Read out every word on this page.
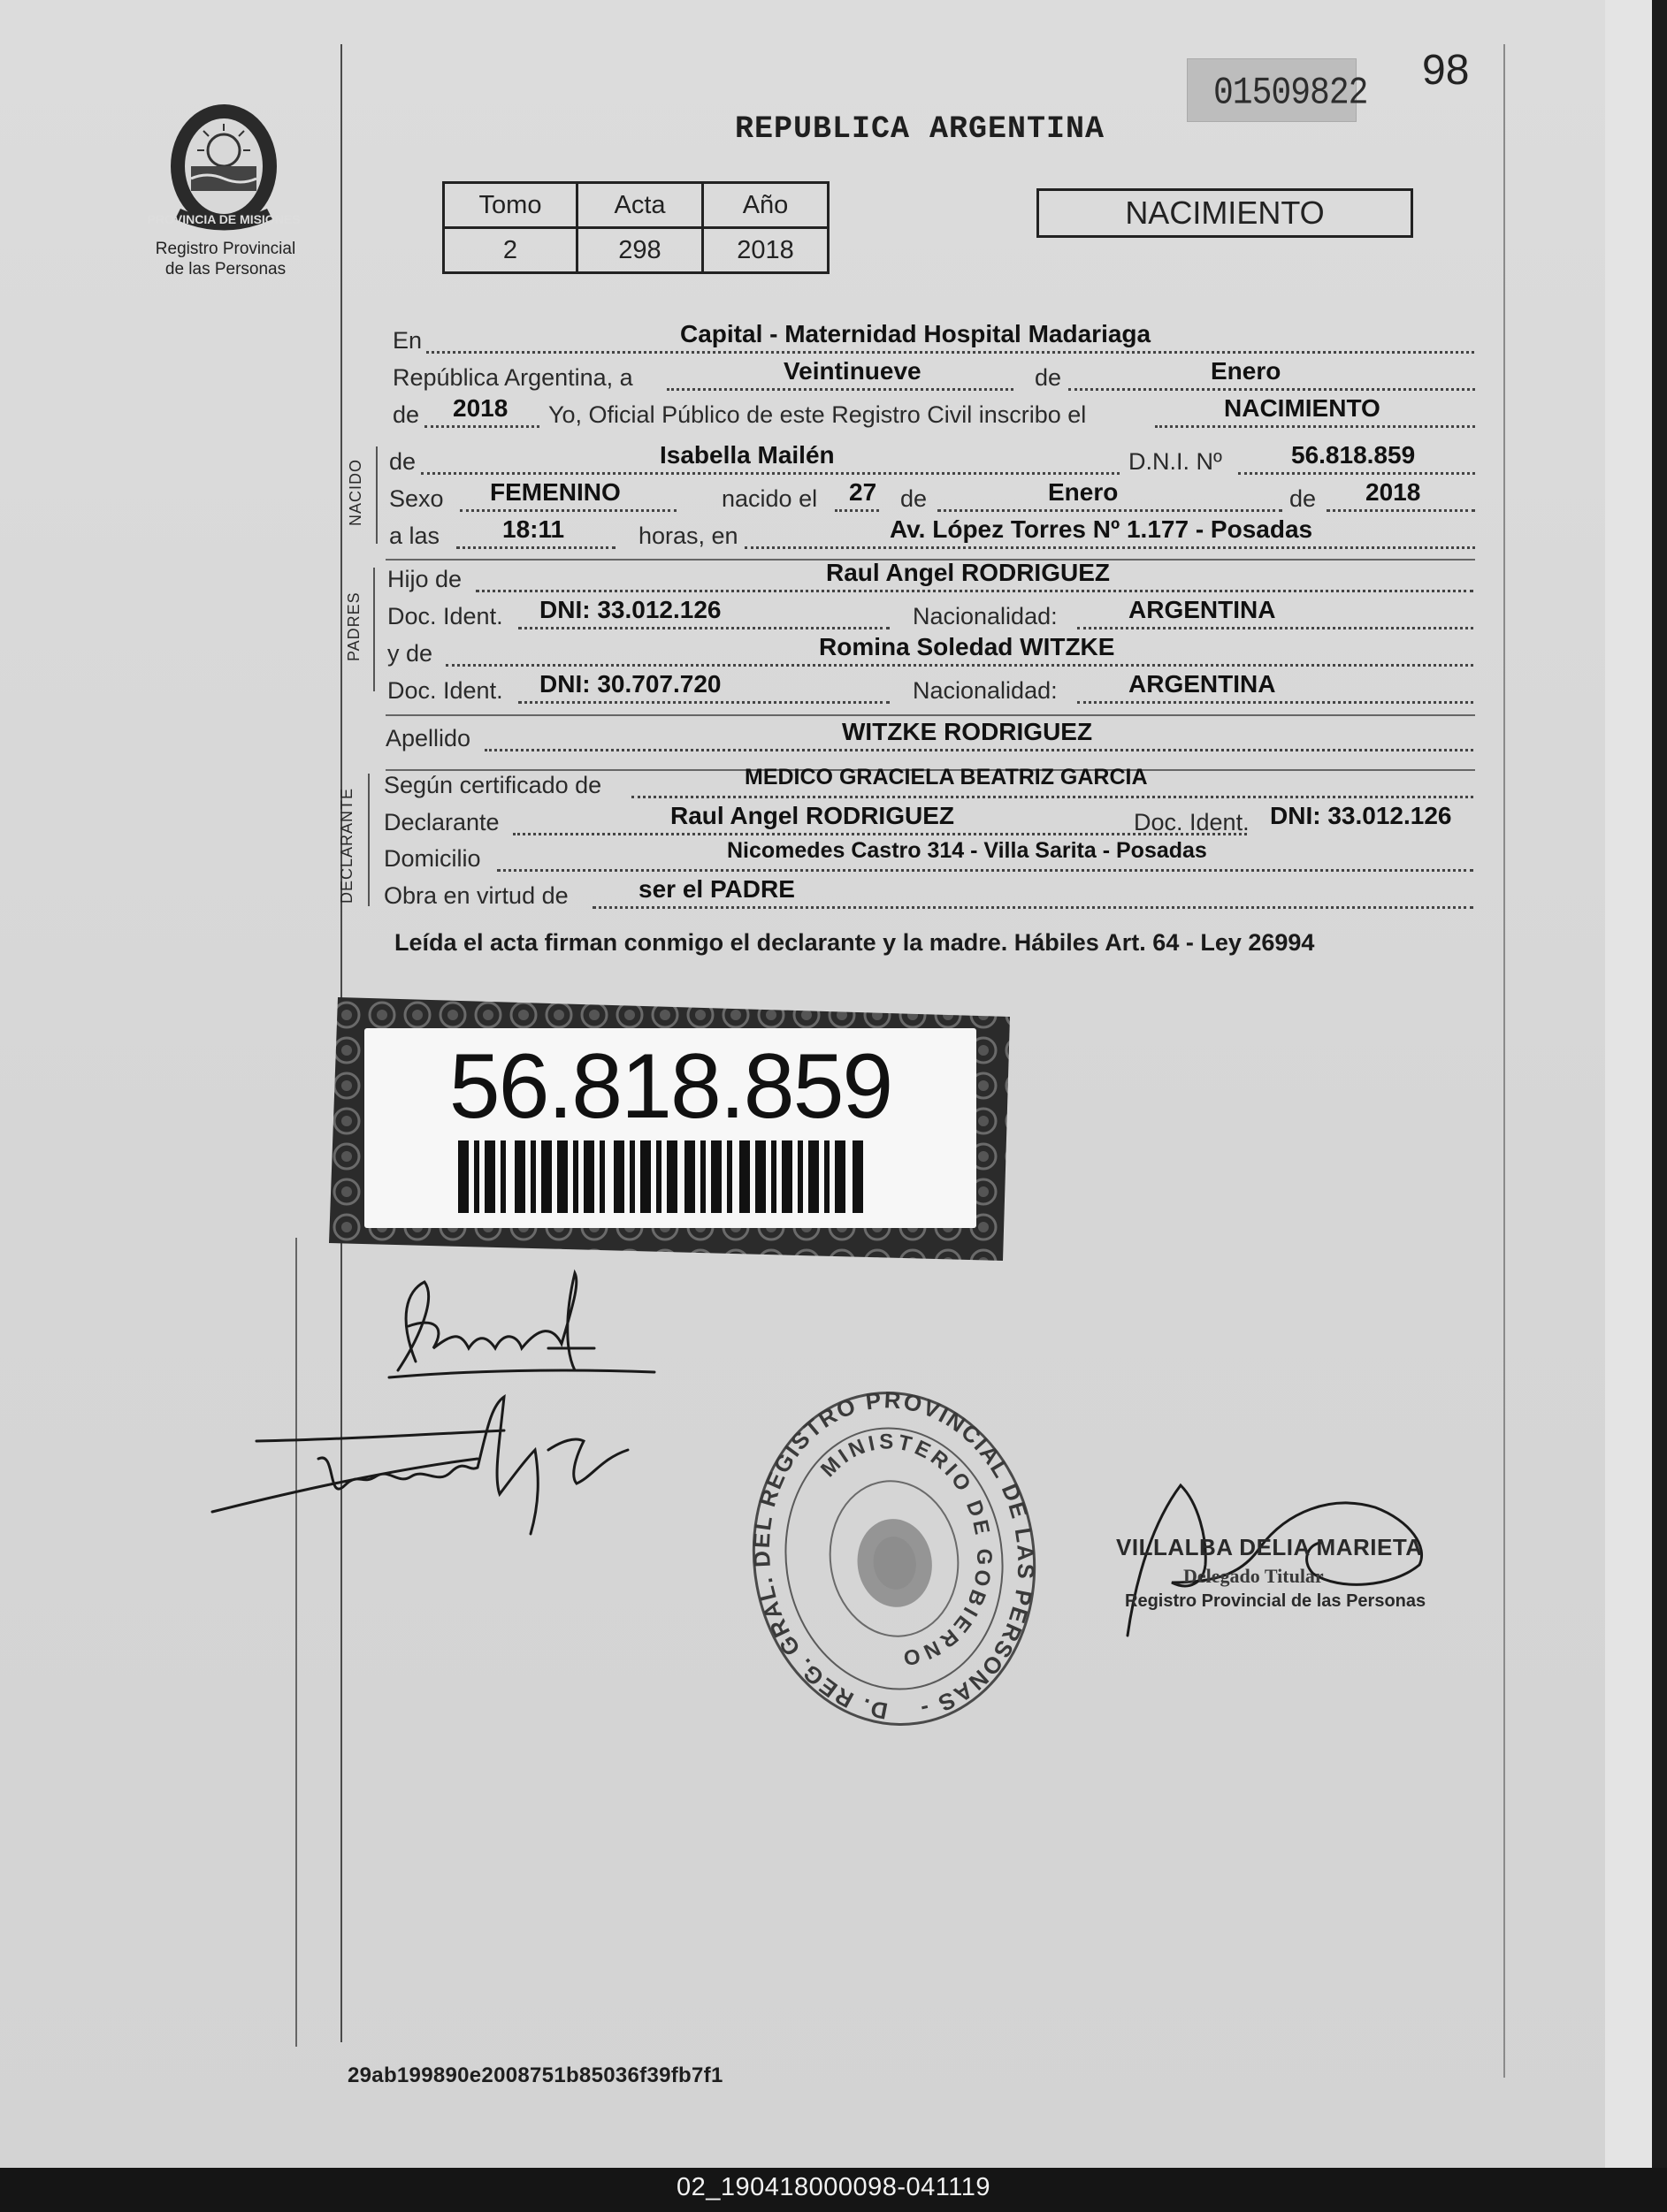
02_190418000098-041119
98
01509822
PROVINCIA DE MISIONES
Registro Provincial
de las Personas
REPUBLICA ARGENTINA
Tomo	Acta	Año
2	298	2018
NACIMIENTO
En	Capital - Maternidad Hospital Madariaga
República Argentina, a	Veintinueve	de	Enero
de 2018 Yo, Oficial Público de este Registro Civil inscribo el	NACIMIENTO
NACIDO de	Isabella Mailén	D.N.I. Nº	56.818.859
Sexo FEMENINO	nacido el 27 de	Enero	de 2018
a las	18:11	horas, en	Av. López Torres Nº 1.177 - Posadas
PADRES
Hijo de	Raul Angel RODRIGUEZ
Doc. Ident. DNI: 33.012.126	Nacionalidad:	ARGENTINA
y de	Romina Soledad WITZKE
Doc. Ident. DNI: 30.707.720	Nacionalidad:	ARGENTINA
Apellido	WITZKE RODRIGUEZ
DECLARANTE
Según certificado de	MEDICO GRACIELA BEATRIZ GARCIA
Declarante	Raul Angel RODRIGUEZ	Doc. Ident. DNI: 33.012.126
Domicilio	Nicomedes Castro 314 - Villa Sarita - Posadas
Obra en virtud de	ser el PADRE
Leída el acta firman conmigo el declarante y la madre. Hábiles Art. 64 - Ley 26994
56.818.859
D. REG. GRAL. DEL REGISTRO PROVINCIAL DE LAS PERSONAS -
MINISTERIO DE GOBIERNO
VILLALBA DELIA MARIETA
Delegado Titular
Registro Provincial de las Personas
29ab199890e2008751b85036f39fb7f1
